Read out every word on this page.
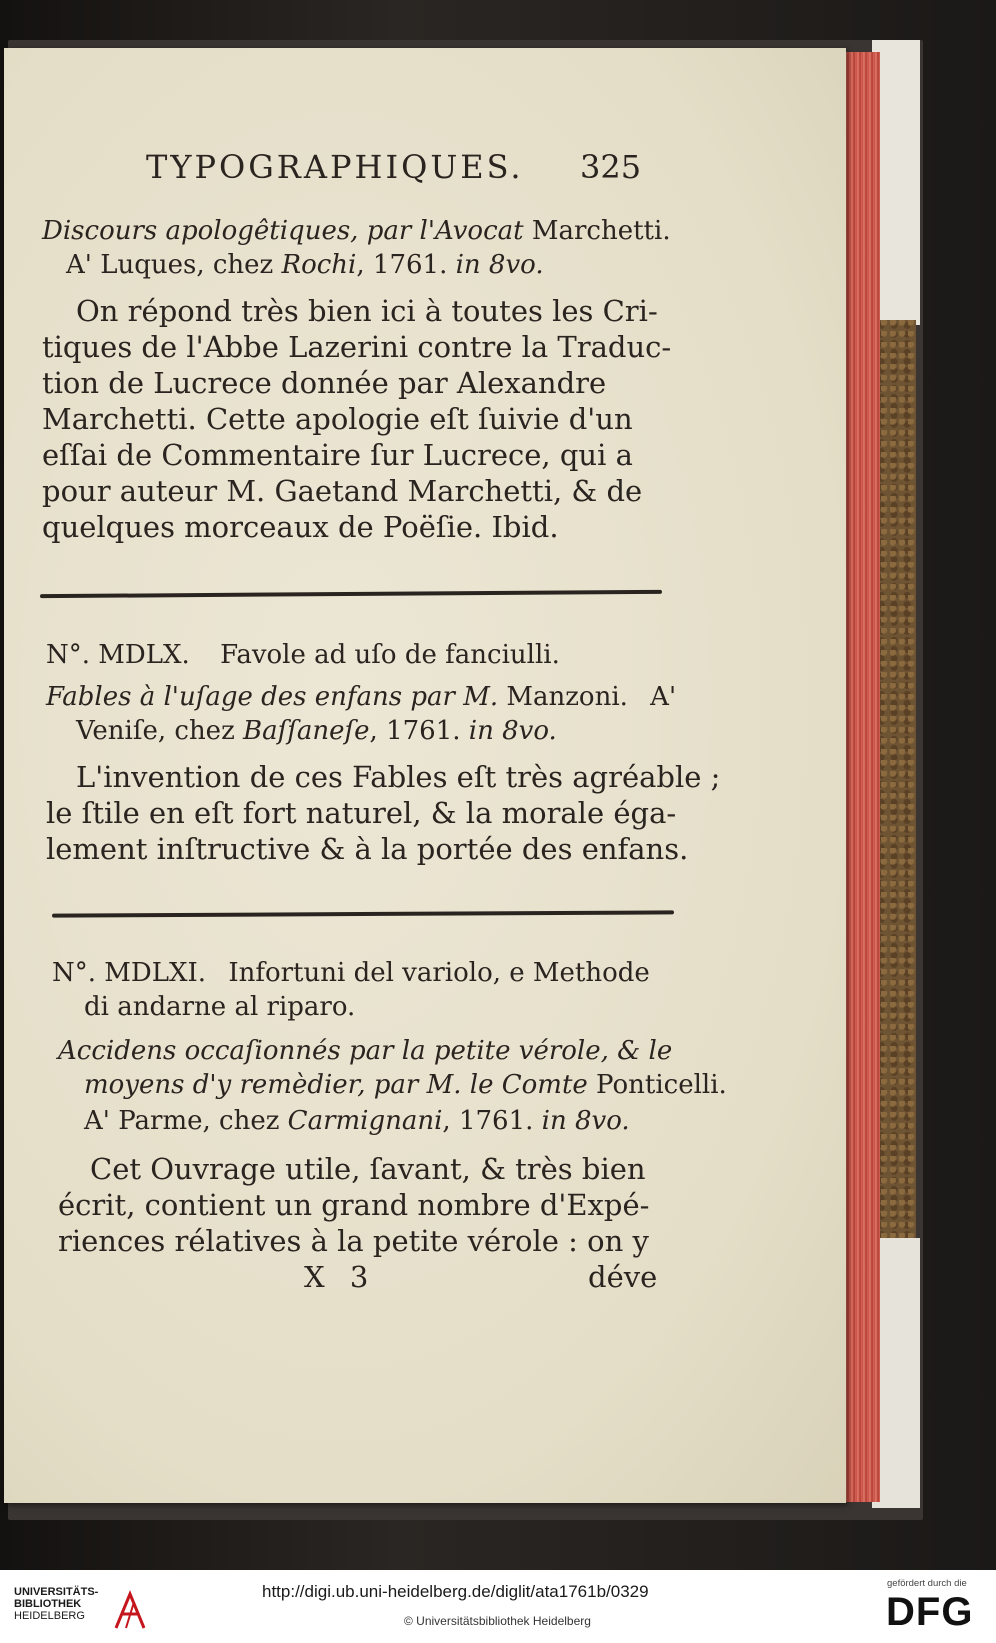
TYPOGRAPHIQUES. 325
Discours apologêtiques, par l'Avocat Marchetti.
A' Luques, chez Rochi, 1761. in 8vo.
On répond très bien ici à toutes les Cri-
tiques de l'Abbe Lazerini contre la Traduc-
tion de Lucrece donnée par Alexandre
Marchetti. Cette apologie eſt ſuivie d'un
eſſai de Commentaire ſur Lucrece, qui a
pour auteur M. Gaetand Marchetti, & de
quelques morceaux de Poëſie. Ibid.
N°. MDLX. Favole ad uſo de fanciulli.
Fables à l'uſage des enfans par M. Manzoni. A'
Veniſe, chez Baſſaneſe, 1761. in 8vo.
L'invention de ces Fables eſt très agréable ;
le ſtile en eſt fort naturel, & la morale éga-
lement inſtructive & à la portée des enfans.
N°. MDLXI. Infortuni del variolo, e Methode
di andarne al riparo.
Accidens occaſionnés par la petite vérole, & le
moyens d'y remèdier, par M. le Comte Ponticelli.
A' Parme, chez Carmignani, 1761. in 8vo.
Cet Ouvrage utile, ſavant, & très bien
écrit, contient un grand nombre d'Expé-
riences rélatives à la petite vérole : on y
X 3	déve
UNIVERSITÄTS-
BIBLIOTHEK
HEIDELBERG
http://digi.ub.uni-heidelberg.de/diglit/ata1761b/0329
© Universitätsbibliothek Heidelberg
gefördert durch die
DFG
